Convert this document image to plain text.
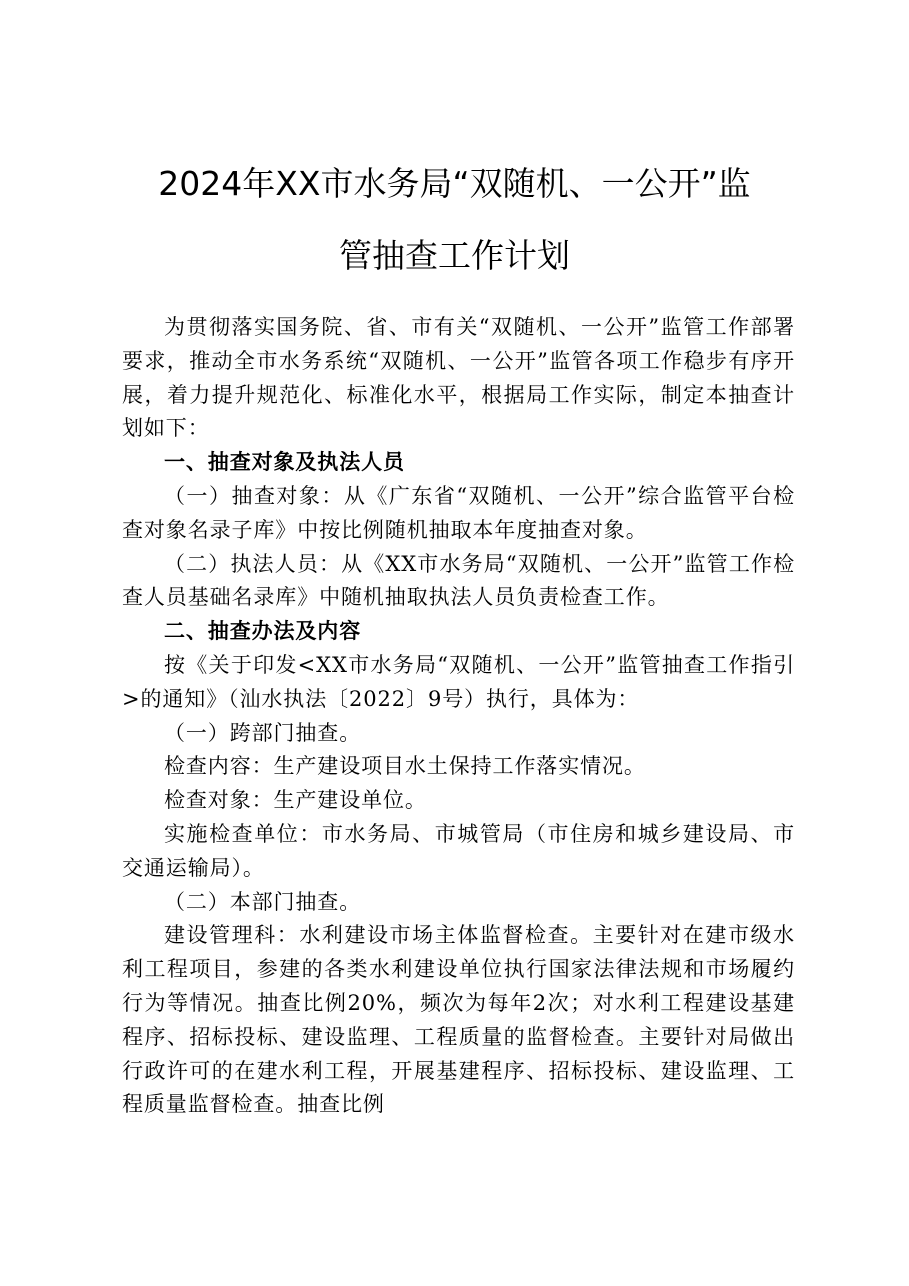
2024年XX市水务局“双随机、一公开”监
管抽查工作计划

为贯彻落实国务院、省、市有关“双随机、一公开”监管工作部署要求，推动全市水务系统“双随机、一公开”监管各项工作稳步有序开展，着力提升规范化、标准化水平，根据局工作实际，制定本抽查计划如下：

一、抽查对象及执法人员

（一）抽查对象：从《广东省“双随机、一公开”综合监管平台检查对象名录子库》中按比例随机抽取本年度抽查对象。

（二）执法人员：从《XX市水务局“双随机、一公开”监管工作检查人员基础名录库》中随机抽取执法人员负责检查工作。

二、抽查办法及内容

按《关于印发<XX市水务局“双随机、一公开”监管抽查工作指引>的通知》（汕水执法〔2022〕9号）执行，具体为：

（一）跨部门抽查。

检查内容：生产建设项目水土保持工作落实情况。

检查对象：生产建设单位。

实施检查单位：市水务局、市城管局（市住房和城乡建设局、市交通运输局）。

（二）本部门抽查。

建设管理科：水利建设市场主体监督检查。主要针对在建市级水利工程项目，参建的各类水利建设单位执行国家法律法规和市场履约行为等情况。抽查比例20%，频次为每年2次；对水利工程建设基建程序、招标投标、建设监理、工程质量的监督检查。主要针对局做出行政许可的在建水利工程，开展基建程序、招标投标、建设监理、工程质量监督检查。抽查比例
